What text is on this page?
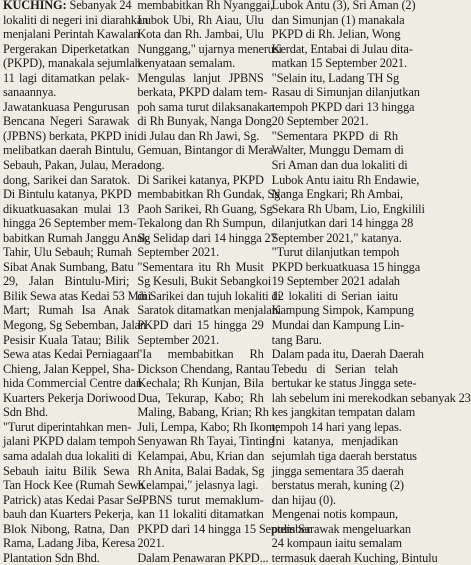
KUCHING: Sebanyak 24
lokaliti di negeri ini diarahkan
menjalani Perintah Kawalan
Pergerakan Diperketatkan
(PKPD), manakala sejumlah
11 lagi ditamatkan pelak-
sanaannya.
Jawatankuasa Pengurusan
Bencana Negeri Sarawak
(JPBNS) berkata, PKPD ini
melibatkan daerah Bintulu,
Sebauh, Pakan, Julau, Mera-
dong, Sarikei dan Saratok.
Di Bintulu katanya, PKPD
dikuatkuasakan mulai 13
hingga 26 September mem-
babitkan Rumah Janggu Anak
Tahir, Ulu Sebauh; Rumah
Sibat Anak Sumbang, Batu
29, Jalan Bintulu-Miri;
Bilik Sewa atas Kedai 53 Mini
Mart; Rumah Isa Anak
Megong, Sg Sebemban, Jalan
Pesisir Kuala Tatau; Bilik
Sewa atas Kedai Perniagaan
Chieng, Jalan Keppel, Sha-
hida Commercial Centre dan
Kuarters Pekerja Doriwood
Sdn Bhd.
"Turut diperintahkan men-
jalani PKPD dalam tempoh
sama adalah dua lokaliti di
Sebauh iaitu Bilik Sewa
Tan Hock Kee (Rumah Sewa
Patrick) atas Kedai Pasar Se-
bauh dan Kuarters Pekerja,
Blok Nibong, Ratna, Dan
Rama, Ladang Jiba, Keresa
Plantation Sdn Bhd.
membabitkan Rh Nyanggai,
Lubok Ubi, Rh Aiau, Ulu
Kota dan Rh. Jambai, Ulu
Nunggang," ujarnya menerusi
kenyataan semalam.
Mengulas lanjut JPBNS
berkata, PKPD dalam tem-
poh sama turut dilaksanakan
di Rh Bunyak, Nanga Dong
di Julau dan Rh Jawi, Sg.
Gemuan, Bintangor di Mera-
dong.
Di Sarikei katanya, PKPD
membabitkan Rh Gundak, Sg
Paoh Sarikei, Rh Guang, Sg
Tekalong dan Rh Sumpun,
Sg Selidap dari 14 hingga 27
September 2021.
"Sementara itu Rh Musit
Sg Kesuli, Bukit Sebangkoi
di Sarikei dan tujuh lokaliti di
Saratok ditamatkan menjalani
PKPD dari 15 hingga 29
September 2021.
"Ia membabitkan Rh
Dickson Chendang, Rantau
Kechala; Rh Kunjan, Bila
Dua, Tekurap, Kabo; Rh
Maling, Babang, Krian; Rh
Juli, Lempa, Kabo; Rh Ikom;
Senyawan Rh Tayai, Tinting
Kelampai, Abu, Krian dan
Rh Anita, Balai Badak, Sg
Kelampai," jelasnya lagi.
JPBNS turut memaklum-
kan 11 lokaliti ditamatkan
PKPD dari 14 hingga 15 September
2021.
Dalam Penawaran PKPD...
Lubok Antu (3), Sri Aman (2)
dan Simunjan (1) manakala
PKPD di Rh. Jelian, Wong
Kerdat, Entabai di Julau dita-
matkan 15 September 2021.
"Selain itu, Ladang TH Sg
Rasau di Simunjan dilanjutkan
tempoh PKPD dari 13 hingga
20 September 2021.
"Sementara PKPD di Rh
Walter, Munggu Demam di
Sri Aman dan dua lokaliti di
Lubok Antu iaitu Rh Endawie,
Nanga Engkari; Rh Ambai,
Sekara Rh Ubam, Lio, Engkilili
dilanjutkan dari 14 hingga 28
September 2021," katanya.
"Turut dilanjutkan tempoh
PKPD berkuatkuasa 15 hingga
19 September 2021 adalah
12 lokaliti di Serian iaitu
Kampung Simpok, Kampung
Mundai dan Kampung Lin-
tang Baru.
Dalam pada itu, Daerah Daerah
Tebedu di Serian telah
bertukar ke status Jingga sete-
lah sebelum ini merekodkan sebanyak 23
kes jangkitan tempatan dalam
tempoh 14 hari yang lepas.
Ini katanya, menjadikan
sejumlah tiga daerah berstatus
jingga sementara 35 daerah
berstatus merah, kuning (2)
dan hijau (0).
Mengenai notis kompaun,
polis Sarawak mengeluarkan
24 kompaun iaitu semalam
termasuk daerah Kuching, Bintulu
